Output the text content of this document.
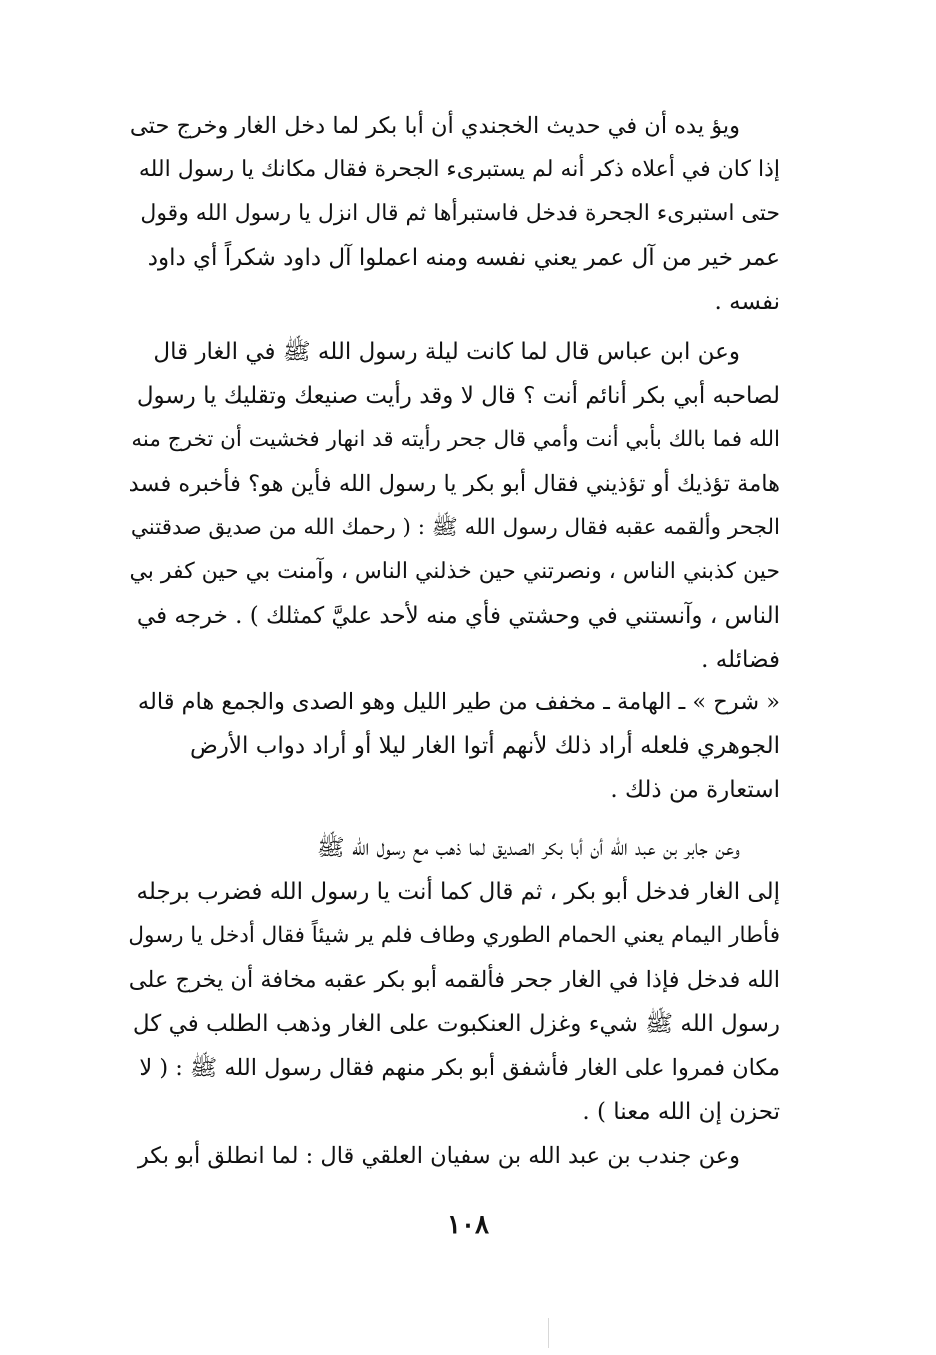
ويؤ يده أن في حديث الخجندي أن أبا بكر لما دخل الغار وخرج حتى
إذا كان في أعلاه ذكر أنه لم يستبرىء الجحرة فقال مكانك يا رسول الله
حتى استبرىء الجحرة فدخل فاستبرأها ثم قال انزل يا رسول الله وقول
عمر خير من آل عمر يعني نفسه ومنه اعملوا آل داود شكراً أي داود
نفسه .
وعن ابن عباس قال لما كانت ليلة رسول الله ﷺ في الغار قال
لصاحبه أبي بكر أنائم أنت ؟ قال لا وقد رأيت صنيعك وتقليك يا رسول
الله فما بالك بأبي أنت وأمي قال جحر رأيته قد انهار فخشيت أن تخرج منه
هامة تؤذيك أو تؤذيني فقال أبو بكر يا رسول الله فأين هو؟ فأخبره فسد
الجحر وألقمه عقبه فقال رسول الله ﷺ : ( رحمك الله من صديق صدقتني
حين كذبني الناس ، ونصرتني حين خذلني الناس ، وآمنت بي حين كفر بي
الناس ، وآنستني في وحشتي فأي منه لأحد عليَّ كمثلك ) . خرجه في
فضائله .
« شرح » ـ الهامة ـ مخفف من طير الليل وهو الصدى والجمع هام قاله
الجوهري فلعله أراد ذلك لأنهم أتوا الغار ليلا أو أراد دواب الأرض
استعارة من ذلك .
وعن جابر بن عبد الله أن أبا بكر الصديق لما ذهب مع رسول الله ﷺ
إلى الغار فدخل أبو بكر ، ثم قال كما أنت يا رسول الله فضرب برجله
فأطار اليمام يعني الحمام الطوري وطاف فلم ير شيئاً فقال أدخل يا رسول
الله فدخل فإذا في الغار جحر فألقمه أبو بكر عقبه مخافة أن يخرج على
رسول الله ﷺ شيء وغزل العنكبوت على الغار وذهب الطلب في كل
مكان فمروا على الغار فأشفق أبو بكر منهم فقال رسول الله ﷺ : ( لا
تحزن إن الله معنا ) .
وعن جندب بن عبد الله بن سفيان العلقي قال : لما انطلق أبو بكر
١٠٨
